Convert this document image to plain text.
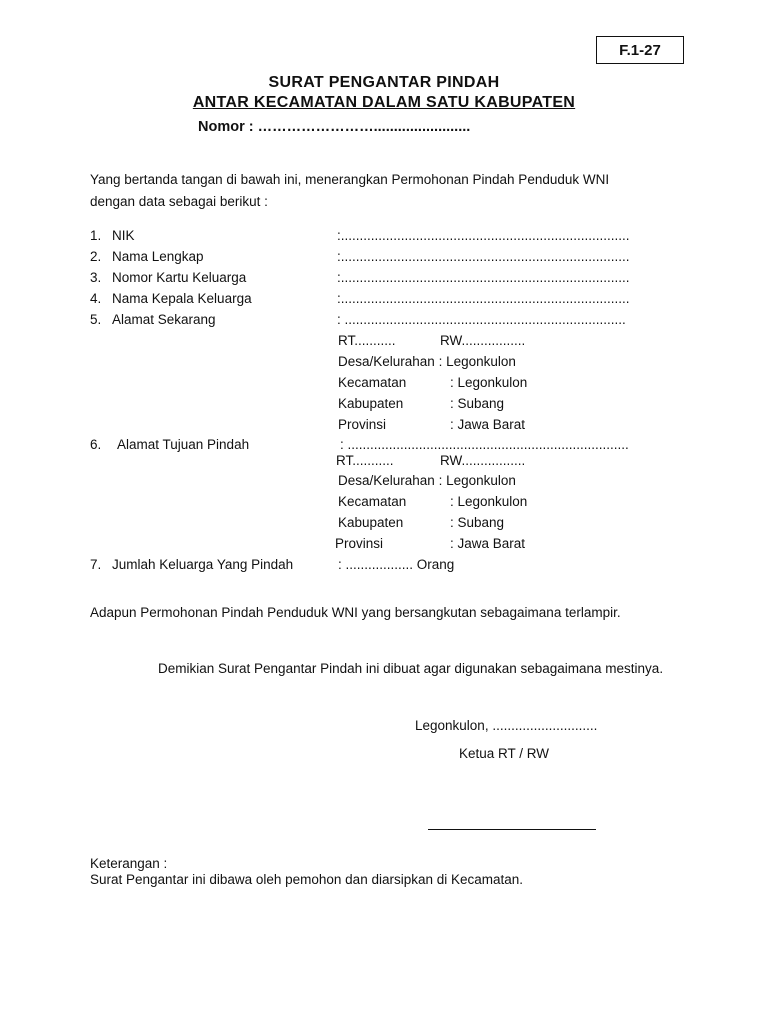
F.1-27
SURAT PENGANTAR PINDAH
ANTAR KECAMATAN DALAM SATU KABUPATEN
Nomor : ……………………........................
Yang bertanda tangan di bawah ini, menerangkan Permohonan Pindah Penduduk WNI
dengan data sebagai berikut :
1. NIK	:.............................................................................
2. Nama Lengkap	:.............................................................................
3. Nomor Kartu Keluarga	:.............................................................................
4. Nama Kepala Keluarga	:.............................................................................
5. Alamat Sekarang	: ...........................................................................
RT...........	RW.................
Desa/Kelurahan : Legonkulon
Kecamatan	: Legonkulon
Kabupaten	: Subang
Provinsi	: Jawa Barat
6. Alamat Tujuan Pindah	: ...........................................................................
RT...........	RW.................
Desa/Kelurahan : Legonkulon
Kecamatan	: Legonkulon
Kabupaten	: Subang
Provinsi	: Jawa Barat
7. Jumlah Keluarga Yang Pindah	: .................. Orang
Adapun Permohonan Pindah Penduduk WNI yang bersangkutan sebagaimana terlampir.
Demikian Surat Pengantar Pindah ini dibuat agar digunakan sebagaimana mestinya.
Legonkulon, ............................
Ketua RT / RW
Keterangan :
Surat Pengantar ini dibawa oleh pemohon dan diarsipkan di Kecamatan.
